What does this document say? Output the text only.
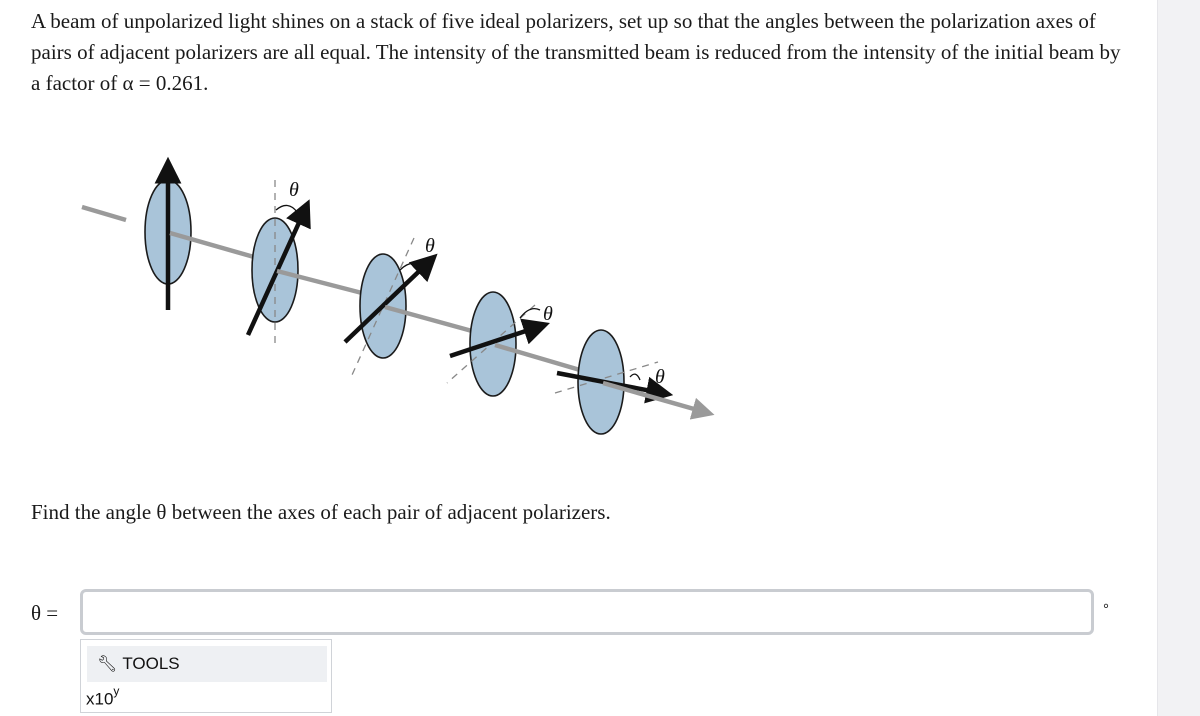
A beam of unpolarized light shines on a stack of five ideal polarizers, set up so that the angles between the polarization axes of pairs of adjacent polarizers are all equal. The intensity of the transmitted beam is reduced from the intensity of the initial beam by a factor of α = 0.261.

θ
θ
θ
θ

Find the angle θ between the axes of each pair of adjacent polarizers.

θ =	°
🔧︎ TOOLS
x10$^y$
